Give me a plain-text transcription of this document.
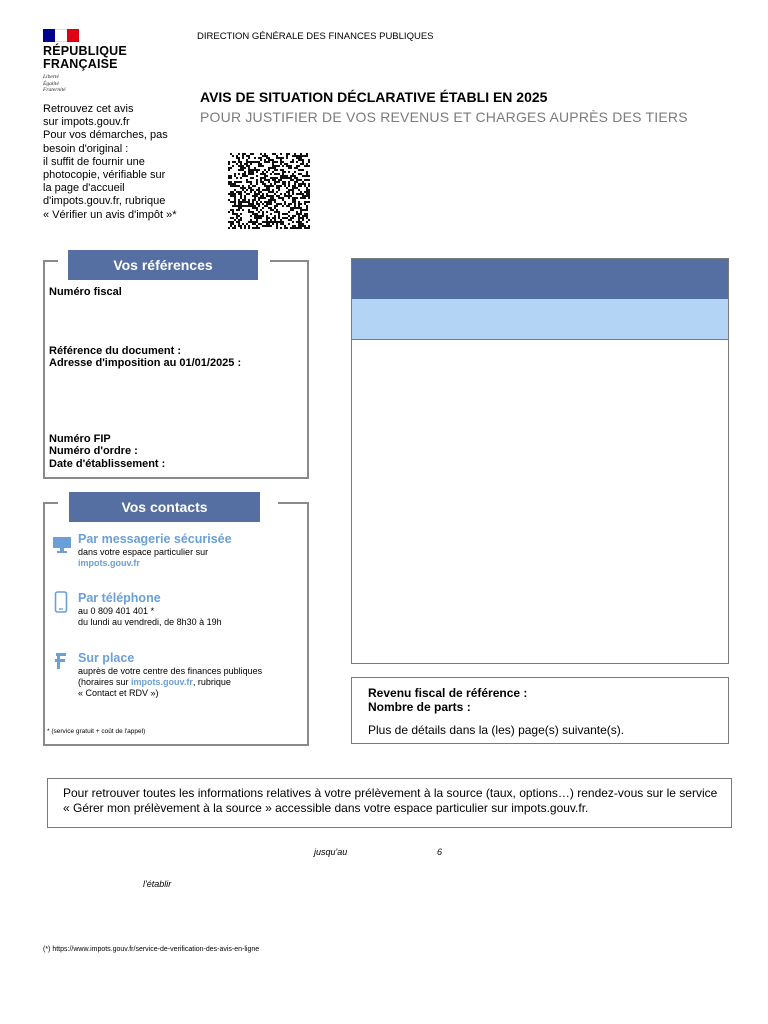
RÉPUBLIQUE
FRANÇAISE
Liberté
Égalité
Fraternité
DIRECTION GÉNÉRALE DES FINANCES PUBLIQUES
AVIS DE SITUATION DÉCLARATIVE ÉTABLI EN 2025
POUR JUSTIFIER DE VOS REVENUS ET CHARGES AUPRÈS DES TIERS
Retrouvez cet avis
sur impots.gouv.fr
Pour vos démarches, pas
besoin d'original :
il suffit de fournir une
photocopie, vérifiable sur
la page d'accueil
d'impots.gouv.fr, rubrique
« Vérifier un avis d'impôt »*
Vos références
Numéro fiscal
Référence du document :
Adresse d'imposition au 01/01/2025 :
Numéro FIP
Numéro d'ordre :
Date d'établissement :
Vos contacts
Par messagerie sécurisée
dans votre espace particulier sur
impots.gouv.fr
Par téléphone
au 0 809 401 401 *
du lundi au vendredi, de 8h30 à 19h
Sur place
auprès de votre centre des finances publiques
(horaires sur impots.gouv.fr, rubrique
« Contact et RDV »)
* (service gratuit + coût de l'appel)
Revenu fiscal de référence :
Nombre de parts :
Plus de détails dans la (les) page(s) suivante(s).
Pour retrouver toutes les informations relatives à votre prélèvement à la source (taux, options…) rendez-vous sur le service « Gérer mon prélèvement à la source » accessible dans votre espace particulier sur impots.gouv.fr.
jusqu'au	6
l'établir
(*) https://www.impots.gouv.fr/service-de-verification-des-avis-en-ligne
